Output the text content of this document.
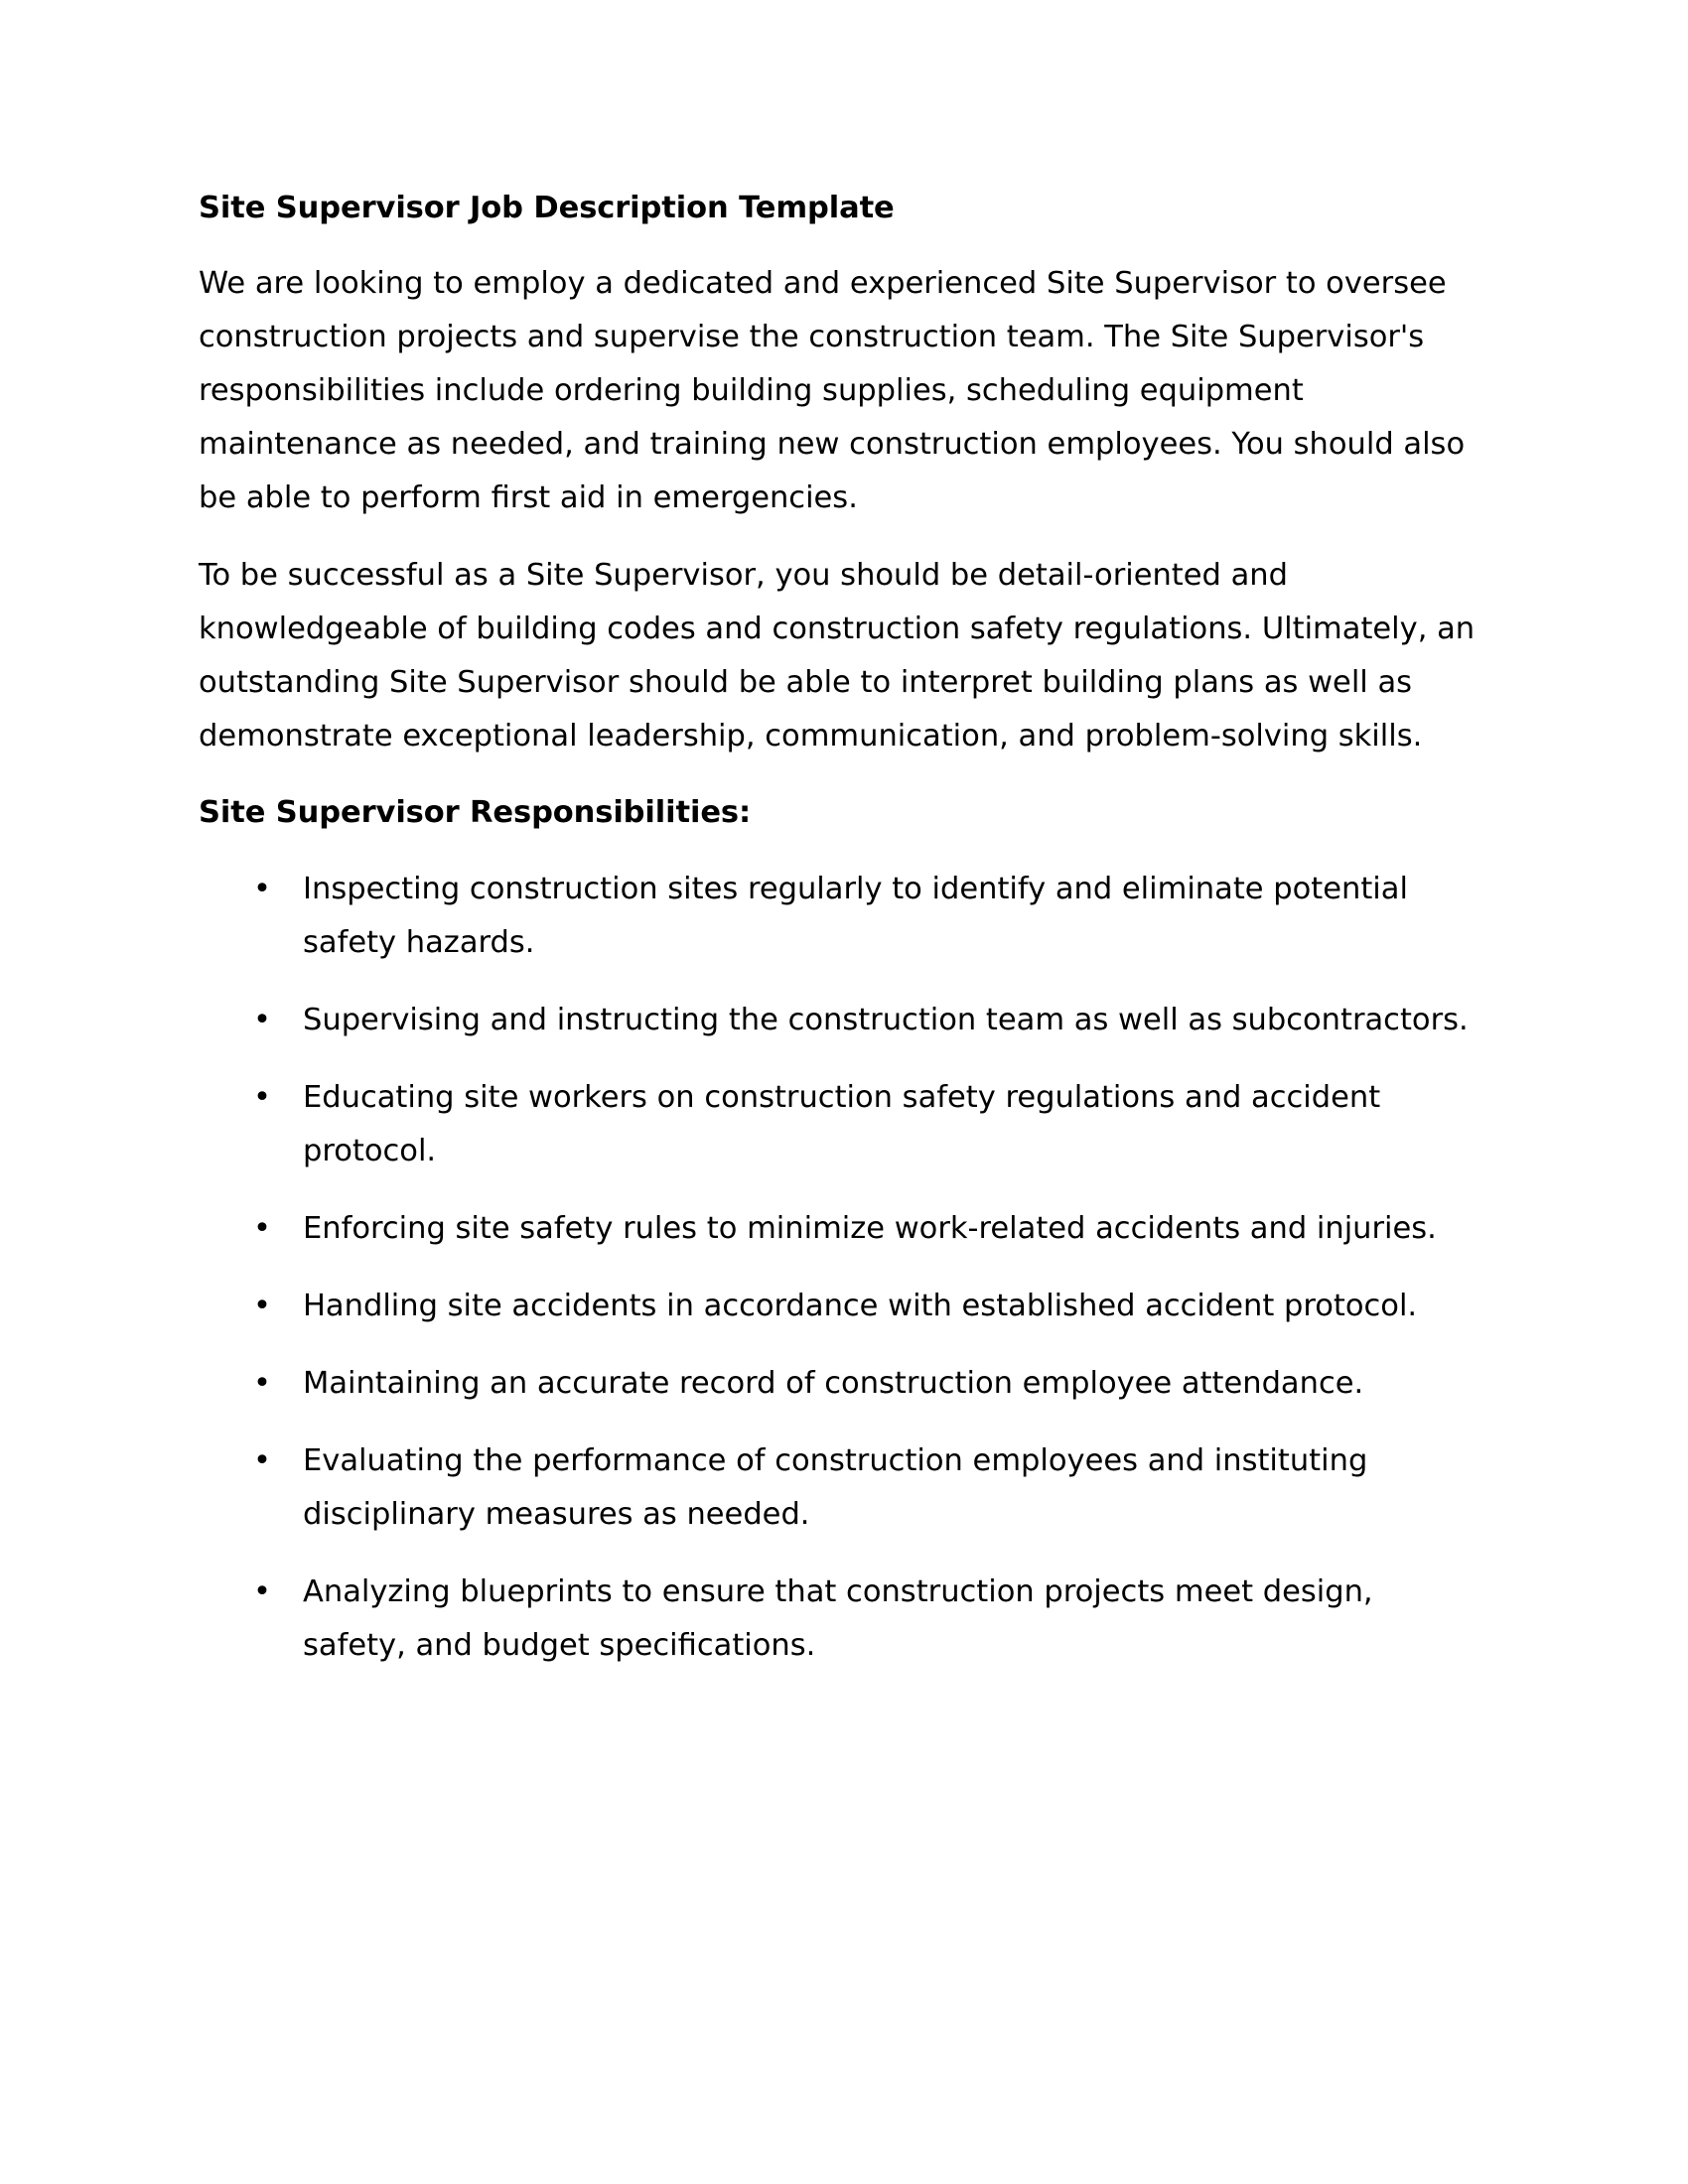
Site Supervisor Job Description Template

We are looking to employ a dedicated and experienced Site Supervisor to oversee construction projects and supervise the construction team. The Site Supervisor's responsibilities include ordering building supplies, scheduling equipment maintenance as needed, and training new construction employees. You should also be able to perform first aid in emergencies.

To be successful as a Site Supervisor, you should be detail-oriented and knowledgeable of building codes and construction safety regulations. Ultimately, an outstanding Site Supervisor should be able to interpret building plans as well as demonstrate exceptional leadership, communication, and problem-solving skills.

Site Supervisor Responsibilities:
• Inspecting construction sites regularly to identify and eliminate potential safety hazards.
• Supervising and instructing the construction team as well as subcontractors.
• Educating site workers on construction safety regulations and accident protocol.
• Enforcing site safety rules to minimize work-related accidents and injuries.
• Handling site accidents in accordance with established accident protocol.
• Maintaining an accurate record of construction employee attendance.
• Evaluating the performance of construction employees and instituting disciplinary measures as needed.
• Analyzing blueprints to ensure that construction projects meet design, safety, and budget specifications.
